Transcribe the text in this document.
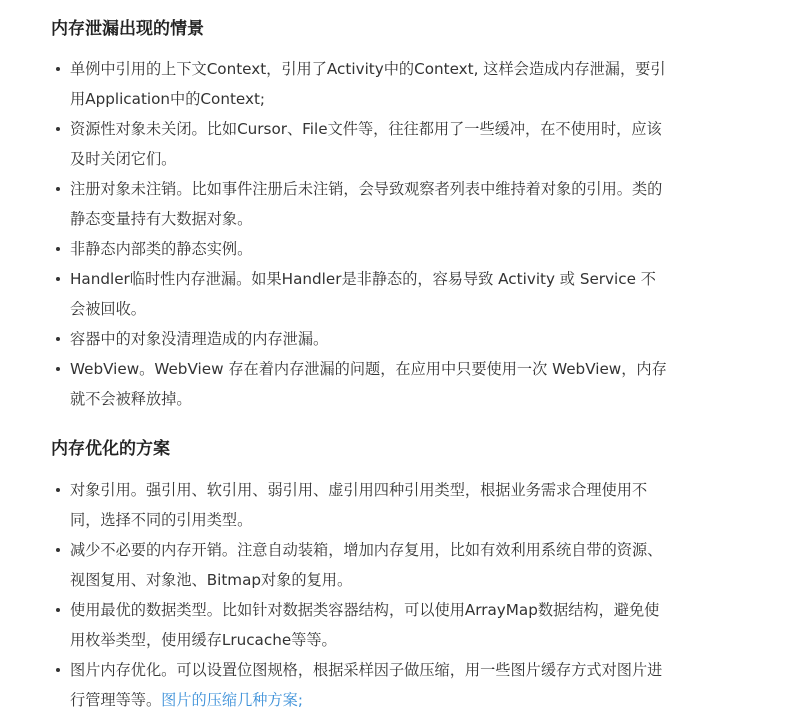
内存泄漏出现的情景
单例中引用的上下文Context，引用了Activity中的Context, 这样会造成内存泄漏，要引用Application中的Context;
资源性对象未关闭。比如Cursor、File文件等，往往都用了一些缓冲，在不使用时，应该及时关闭它们。
注册对象未注销。比如事件注册后未注销，会导致观察者列表中维持着对象的引用。类的静态变量持有大数据对象。
非静态内部类的静态实例。
Handler临时性内存泄漏。如果Handler是非静态的，容易导致 Activity 或 Service 不会被回收。
容器中的对象没清理造成的内存泄漏。
WebView。WebView 存在着内存泄漏的问题，在应用中只要使用一次 WebView，内存就不会被释放掉。
内存优化的方案
对象引用。强引用、软引用、弱引用、虚引用四种引用类型，根据业务需求合理使用不同，选择不同的引用类型。
减少不必要的内存开销。注意自动装箱，增加内存复用，比如有效利用系统自带的资源、视图复用、对象池、Bitmap对象的复用。
使用最优的数据类型。比如针对数据类容器结构，可以使用ArrayMap数据结构，避免使用枚举类型，使用缓存Lrucache等等。
图片内存优化。可以设置位图规格，根据采样因子做压缩，用一些图片缓存方式对图片进行管理等等。图片的压缩几种方案;
